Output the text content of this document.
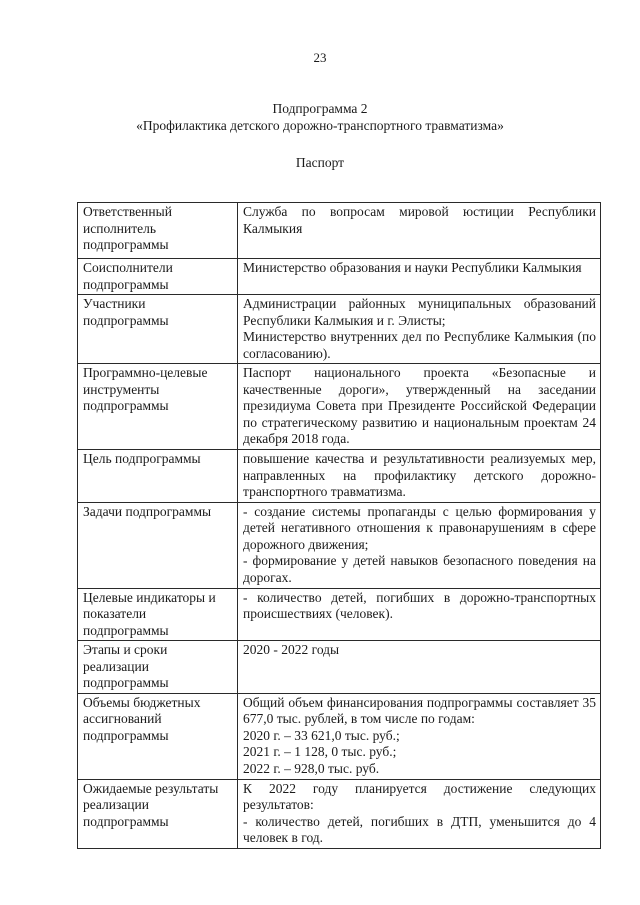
23
Подпрограмма 2
«Профилактика детского дорожно-транспортного травматизма»
Паспорт
Ответственный исполнитель подпрограммы	Служба по вопросам мировой юстиции Республики Калмыкия

Соисполнители подпрограммы	Министерство образования и науки Республики Калмыкия

Участники подпрограммы	Администрации районных муниципальных образований Республики Калмыкия и г. Элисты;
Министерство внутренних дел по Республике Калмыкия (по согласованию).

Программно-целевые инструменты подпрограммы	Паспорт национального проекта «Безопасные и качественные дороги», утвержденный на заседании президиума Совета при Президенте Российской Федерации по стратегическому развитию и национальным проектам 24 декабря 2018 года.

Цель подпрограммы	повышение качества и результативности реализуемых мер, направленных на профилактику детского дорожно-транспортного травматизма.

Задачи подпрограммы	- создание системы пропаганды с целью формирования у детей негативного отношения к правонарушениям в сфере дорожного движения;
- формирование у детей навыков безопасного поведения на дорогах.

Целевые индикаторы и показатели подпрограммы	- количество детей, погибших в дорожно-транспортных происшествиях (человек).

Этапы и сроки реализации подпрограммы	2020 - 2022 годы

Объемы бюджетных ассигнований подпрограммы	Общий объем финансирования подпрограммы составляет 35 677,0 тыс. рублей, в том числе по годам:
2020 г. – 33 621,0 тыс. руб.;
2021 г. – 1 128, 0 тыс. руб.;
2022 г. – 928,0 тыс. руб.

Ожидаемые результаты реализации подпрограммы	К 2022 году планируется достижение следующих результатов:
- количество детей, погибших в ДТП, уменьшится до 4 человек в год.
